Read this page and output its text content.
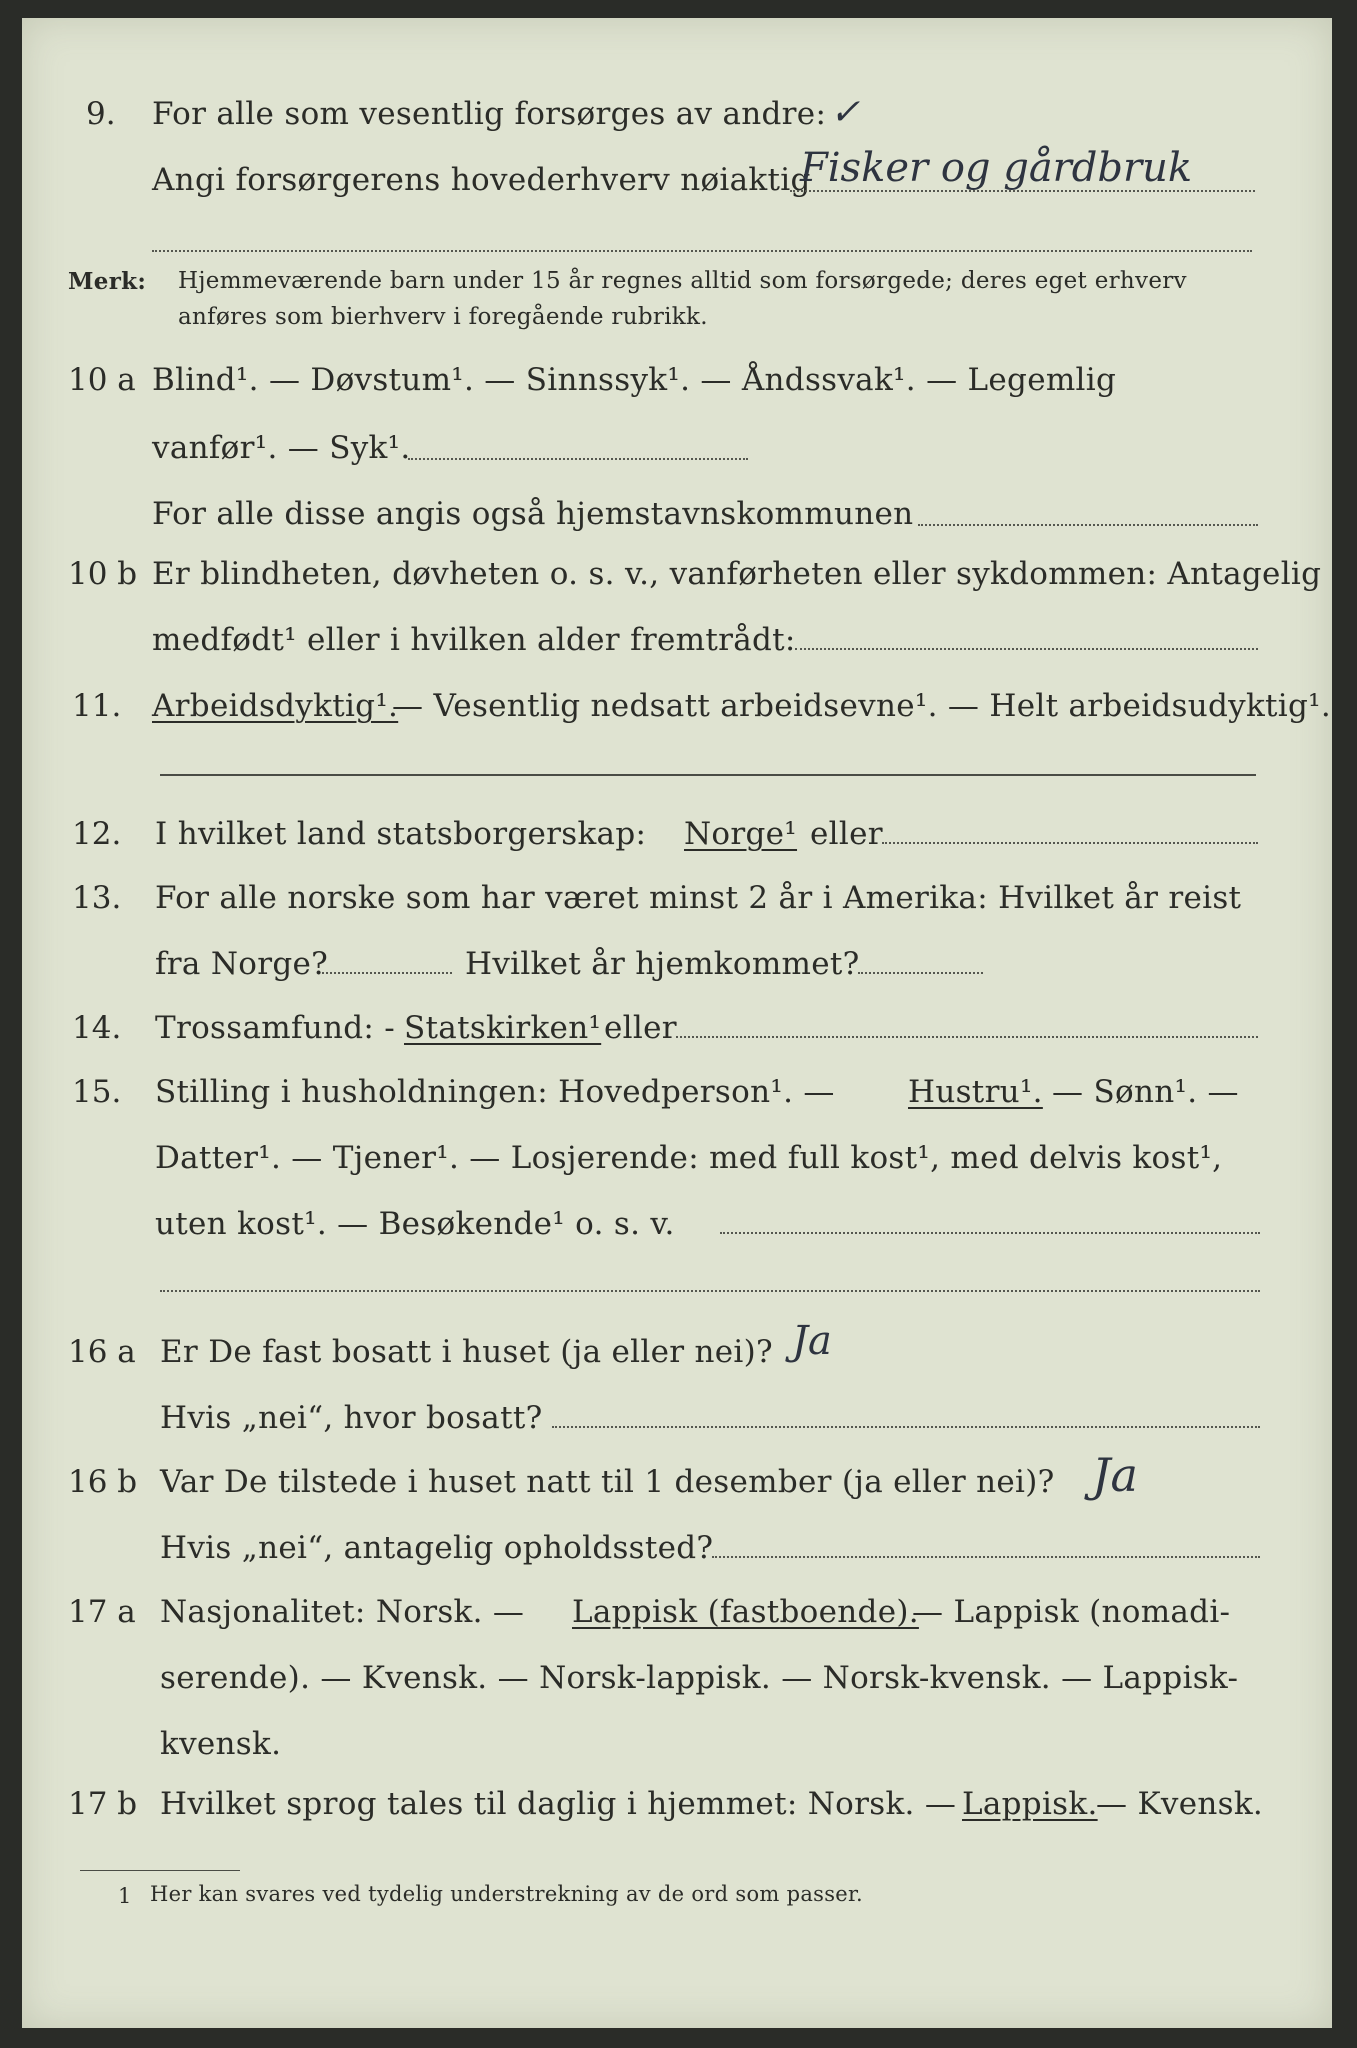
9. For alle som vesentlig forsørges av andre: ✓
Angi forsørgerens hovederhverv nøiaktig
Fisker og gårdbruk
Merk: Hjemmeværende barn under 15 år regnes alltid som forsørgede; deres eget erhverv
anføres som bierhverv i foregående rubrikk.
10 a Blind¹. — Døvstum¹. — Sinnssyk¹. — Åndssvak¹. — Legemlig
vanfør¹. — Syk¹.
For alle disse angis også hjemstavnskommunen
10 b Er blindheten, døvheten o. s. v., vanførheten eller sykdommen: Antagelig
medfødt¹ eller i hvilken alder fremtrådt:
11. Arbeidsdyktig¹.
— Vesentlig nedsatt arbeidsevne¹. — Helt arbeidsudyktig¹.
12. I hvilket land statsborgerskap: Norge¹ eller
13. For alle norske som har været minst 2 år i Amerika: Hvilket år reist
fra Norge?	Hvilket år hjemkommet?
14. Trossamfund: - Statskirken¹ eller
15. Stilling i husholdningen: Hovedperson¹. — Hustru¹. — Sønn¹. —
Datter¹. — Tjener¹. — Losjerende: med full kost¹, med delvis kost¹,
uten kost¹. — Besøkende¹ o. s. v.
16 a Er De fast bosatt i huset (ja eller nei)? Ja
Hvis „nei“, hvor bosatt?
16 b Var De tilstede i huset natt til 1 desember (ja eller nei)? Ja
Hvis „nei“, antagelig opholdssted?
17 a Nasjonalitet: Norsk. — Lappisk (fastboende).
— Lappisk (nomadi-
serende). — Kvensk. — Norsk-lappisk. — Norsk-kvensk. — Lappisk-
kvensk.
17 b Hvilket sprog tales til daglig i hjemmet: Norsk. — Lappisk.
— Kvensk.
1 Her kan svares ved tydelig understrekning av de ord som passer.
